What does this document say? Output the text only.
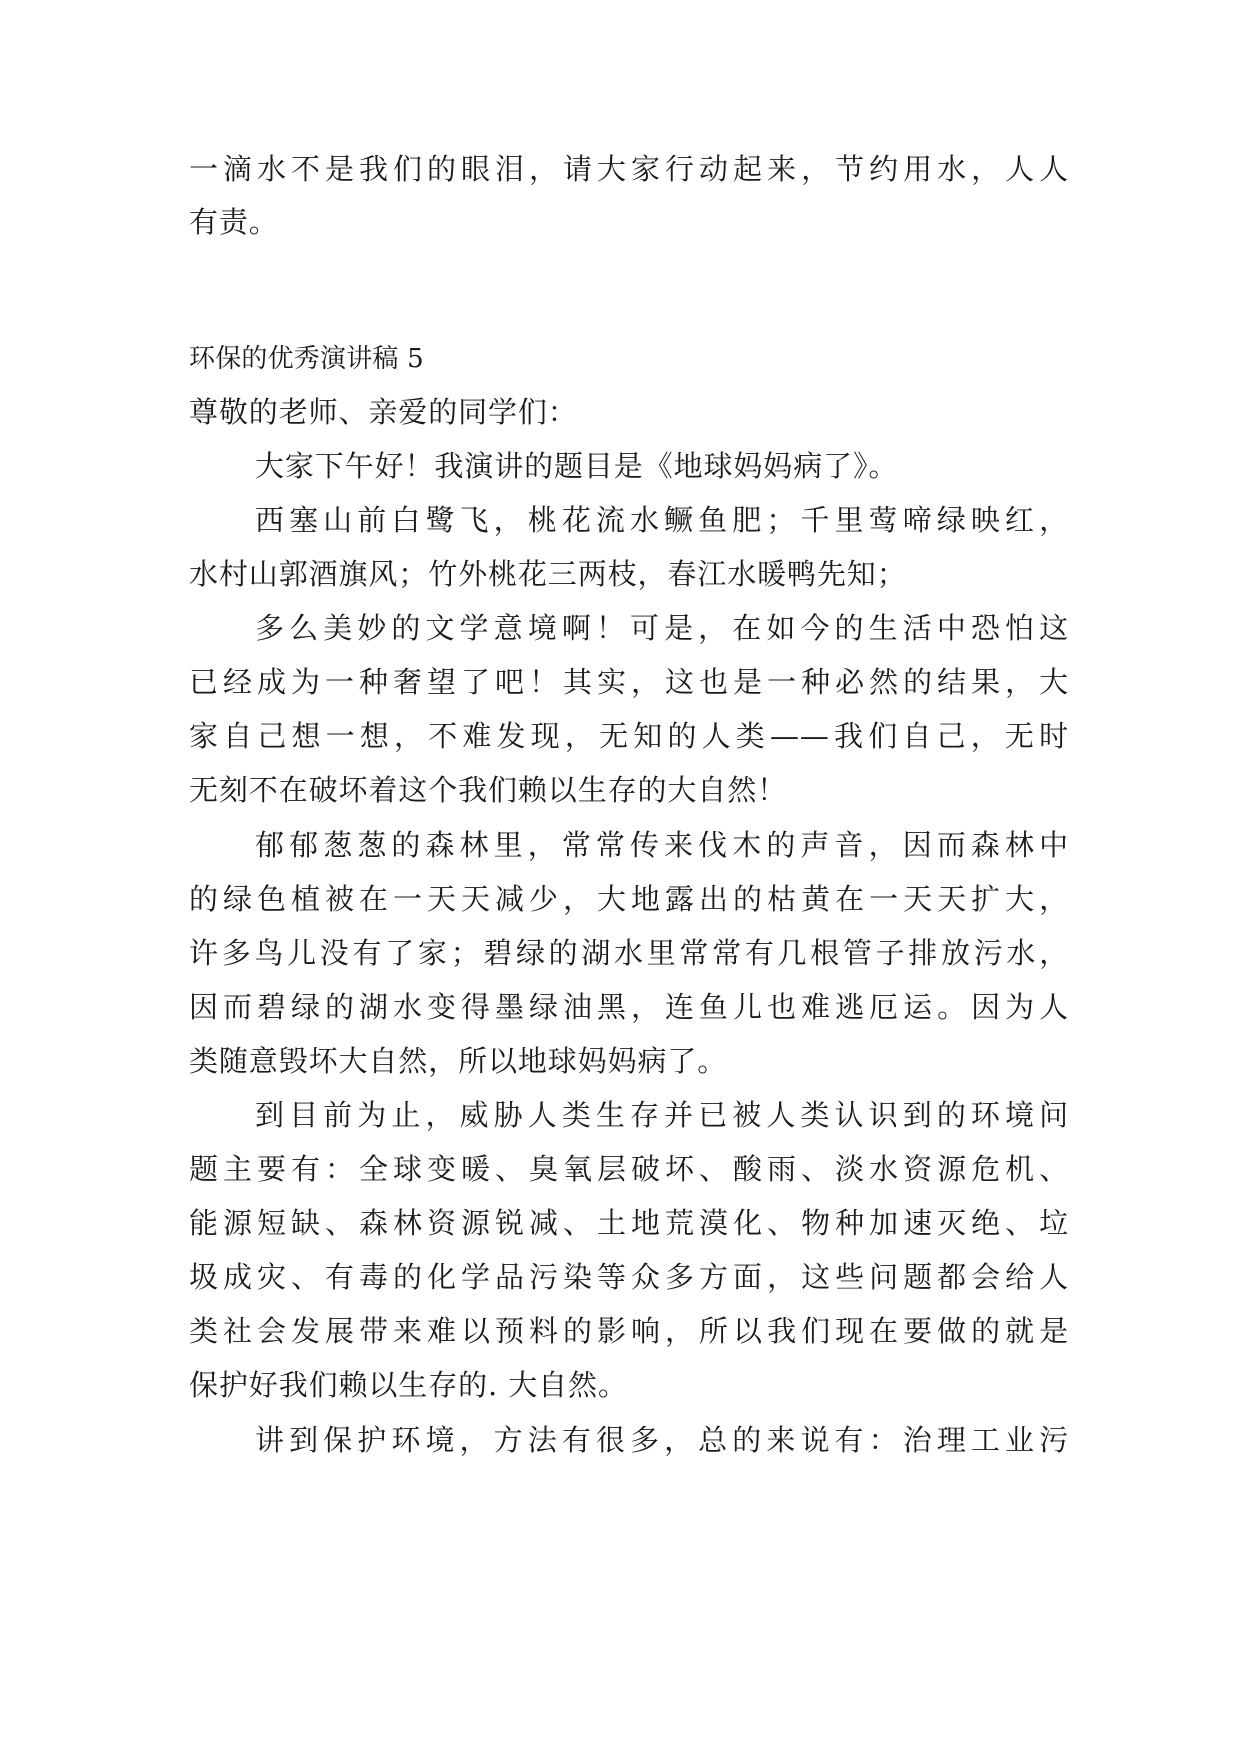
一滴水不是我们的眼泪，请大家行动起来，节约用水，人人
有责。
环保的优秀演讲稿 5
尊敬的老师、亲爱的同学们：
大家下午好！我演讲的题目是《地球妈妈病了》。
西塞山前白鹭飞，桃花流水鳜鱼肥；千里莺啼绿映红，
水村山郭酒旗风；竹外桃花三两枝，春江水暖鸭先知；
多么美妙的文学意境啊！可是，在如今的生活中恐怕这
已经成为一种奢望了吧！其实，这也是一种必然的结果，大
家自己想一想，不难发现，无知的人类——我们自己，无时
无刻不在破坏着这个我们赖以生存的大自然！
郁郁葱葱的森林里，常常传来伐木的声音，因而森林中
的绿色植被在一天天减少，大地露出的枯黄在一天天扩大，
许多鸟儿没有了家；碧绿的湖水里常常有几根管子排放污水，
因而碧绿的湖水变得墨绿油黑，连鱼儿也难逃厄运。因为人
类随意毁坏大自然，所以地球妈妈病了。
到目前为止，威胁人类生存并已被人类认识到的环境问
题主要有：全球变暖、臭氧层破坏、酸雨、淡水资源危机、
能源短缺、森林资源锐减、土地荒漠化、物种加速灭绝、垃
圾成灾、有毒的化学品污染等众多方面，这些问题都会给人
类社会发展带来难以预料的影响，所以我们现在要做的就是
保护好我们赖以生存的. 大自然。
讲到保护环境，方法有很多，总的来说有：治理工业污
